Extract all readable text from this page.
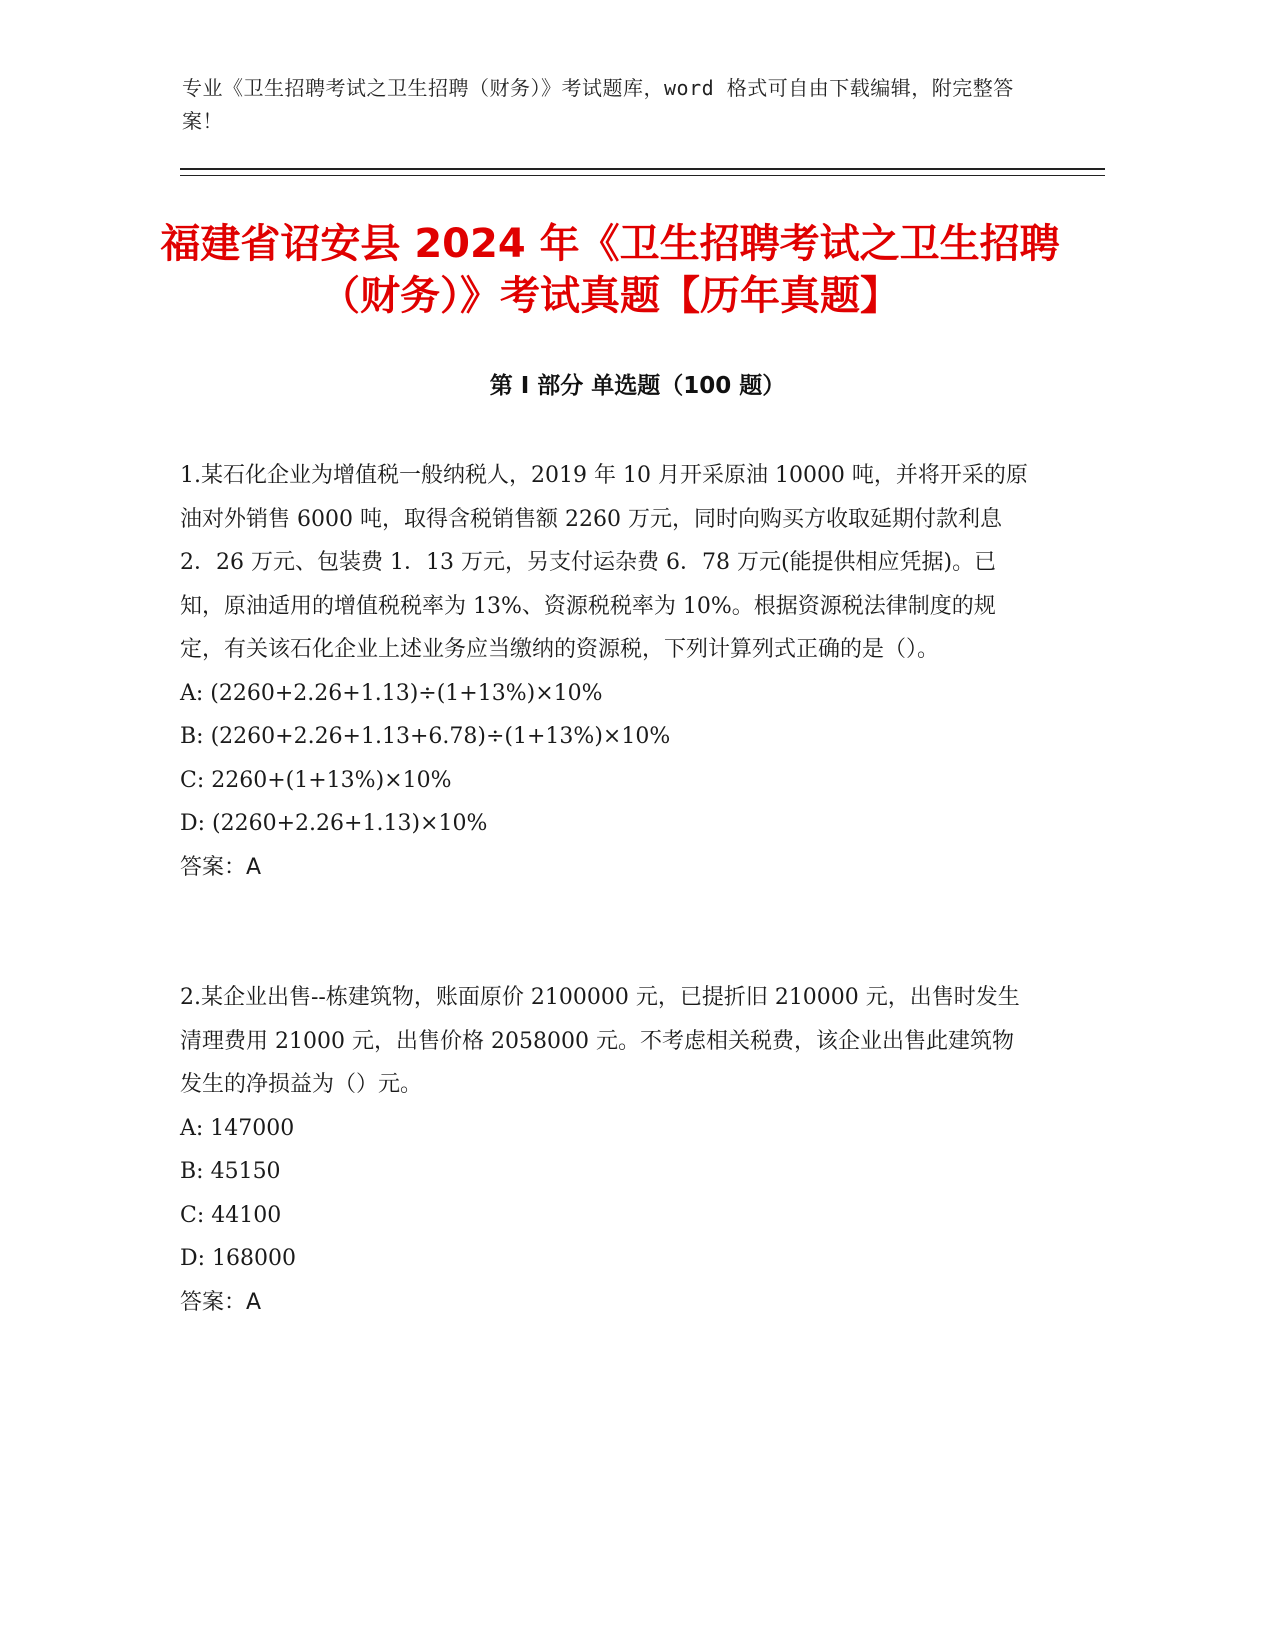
专业《卫生招聘考试之卫生招聘（财务）》考试题库，word 格式可自由下载编辑，附完整答案！
福建省诏安县 2024 年《卫生招聘考试之卫生招聘（财务）》考试真题【历年真题】
第 I 部分 单选题（100 题）

1.某石化企业为增值税一般纳税人，2019 年 10 月开采原油 10000 吨，并将开采的原油对外销售 6000 吨，取得含税销售额 2260 万元，同时向购买方收取延期付款利息 2．26 万元、包装费 1．13 万元，另支付运杂费 6．78 万元(能提供相应凭据)。已知，原油适用的增值税税率为 13%、资源税税率为 10%。根据资源税法律制度的规定，有关该石化企业上述业务应当缴纳的资源税，下列计算列式正确的是（）。

A: (2260+2.26+1.13)÷(1+13%)×10%

B: (2260+2.26+1.13+6.78)÷(1+13%)×10%

C: 2260+(1+13%)×10%

D: (2260+2.26+1.13)×10%

答案：A

2.某企业出售--栋建筑物，账面原价 2100000 元，已提折旧 210000 元，出售时发生清理费用 21000 元，出售价格 2058000 元。不考虑相关税费，该企业出售此建筑物发生的净损益为（）元。

A: 147000

B: 45150

C: 44100

D: 168000

答案：A
